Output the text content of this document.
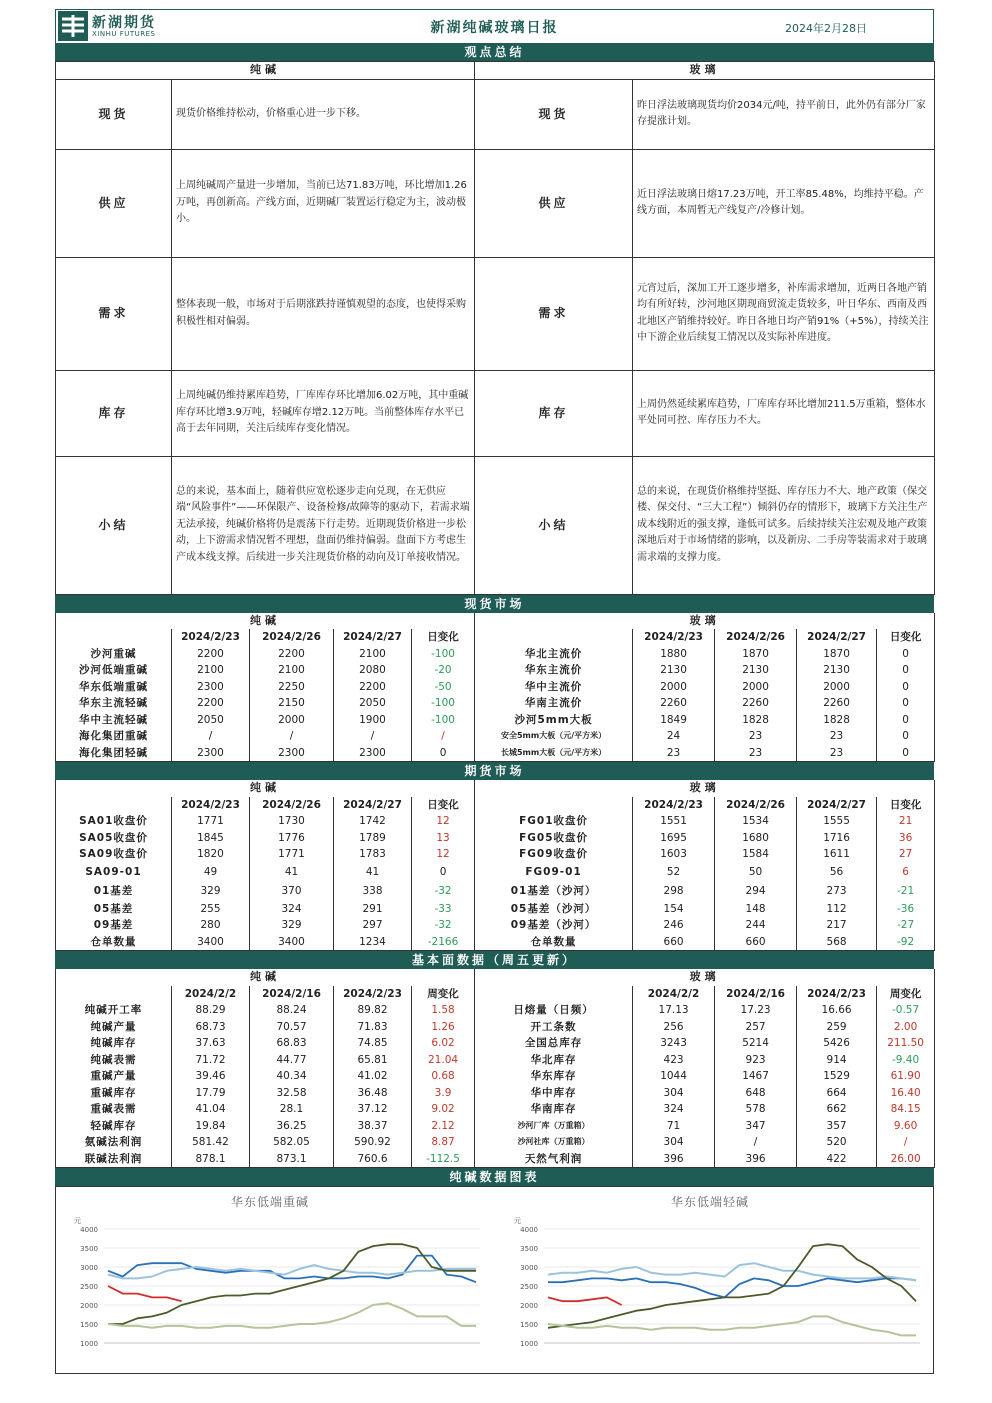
新湖期货
XINHU FUTURES	新湖纯碱玻璃日报	2024年2月28日
观点总结
纯碱		玻璃	
现货	现货价格维持松动，价格重心进一步下移。	现货	昨日浮法玻璃现货均价2034元/吨，持平前日，此外仍有部分厂家存提涨计划。
供应	上周纯碱周产量进一步增加，当前已达71.83万吨，环比增加1.26万吨，再创新高。产线方面，近期碱厂装置运行稳定为主，波动极小。	供应	近日浮法玻璃日熔17.23万吨，开工率85.48%，均维持平稳。产线方面，本周暂无产线复产/冷修计划。
需求	整体表现一般，市场对于后期涨跌持谨慎观望的态度，也使得采购积极性相对偏弱。	需求	元宵过后，深加工开工逐步增多，补库需求增加，近两日各地产销均有所好转，沙河地区期现商贸流走货较多，叶日华东、西南及西北地区产销维持较好。昨日各地日均产销91%（+5%），持续关注中下游企业后续复工情况以及实际补库进度。
库存	上周纯碱仍维持累库趋势，厂库库存环比增加6.02万吨，其中重碱库存环比增3.9万吨，轻碱库存增2.12万吨。当前整体库存水平已高于去年同期，关注后续库存变化情况。	库存	上周仍然延续累库趋势，厂库库存环比增加211.5万重箱，整体水平处同可控、库存压力不大。
小结	总的来说，基本面上，随着供应宽松逐步走向兑现，在无供应端“风险事件”——环保限产、设备检修/故障等的驱动下，若需求端无法承接，纯碱价格将仍是震荡下行走势。近期现货价格进一步松动，上下游需求情况暂不理想，盘面仍维持偏弱。盘面下方考虑生产成本线支撑。后续进一步关注现货价格的动向及订单接收情况。	小结	总的来说，在现货价格维持坚挺、库存压力不大、地产政策（保交楼、保交付、“三大工程”）倾斜仍存的情形下，玻璃下方关注生产成本线附近的强支撑，逢低可试多。后续持续关注宏观及地产政策深地后对于市场情绪的影响，以及新房、二手房等装需求对于玻璃需求端的支撑力度。
现货市场
纯碱					玻璃				
	2024/2/23	2024/2/26	2024/2/27	日变化		2024/2/23	2024/2/26	2024/2/27	日变化
沙河重碱	2200	2200	2100	-100	华北主流价	1880	1870	1870	0
沙河低端重碱	2100	2100	2080	-20	华东主流价	2130	2130	2130	0
华东低端重碱	2300	2250	2200	-50	华中主流价	2000	2000	2000	0
华东主流轻碱	2200	2150	2050	-100	华南主流价	2260	2260	2260	0
华中主流轻碱	2050	2000	1900	-100	沙河5mm大板	1849	1828	1828	0
海化集团重碱	/	/	/	/	安全5mm大板（元/平方米）	24	23	23	0
海化集团轻碱	2300	2300	2300	0	长城5mm大板（元/平方米）	23	23	23	0
期货市场
纯碱					玻璃				
	2024/2/23	2024/2/26	2024/2/27	日变化		2024/2/23	2024/2/26	2024/2/27	日变化
SA01收盘价	1771	1730	1742	12	FG01收盘价	1551	1534	1555	21
SA05收盘价	1845	1776	1789	13	FG05收盘价	1695	1680	1716	36
SA09收盘价	1820	1771	1783	12	FG09收盘价	1603	1584	1611	27
SA09-01	49	41	41	0	FG09-01	52	50	56	6
01基差	329	370	338	-32	01基差（沙河）	298	294	273	-21
05基差	255	324	291	-33	05基差（沙河）	154	148	112	-36
09基差	280	329	297	-32	09基差（沙河）	246	244	217	-27
仓单数量	3400	3400	1234	-2166	仓单数量	660	660	568	-92
基本面数据（周五更新）
纯碱					玻璃				
	2024/2/2	2024/2/16	2024/2/23	周变化		2024/2/2	2024/2/16	2024/2/23	周变化
纯碱开工率	88.29	88.24	89.82	1.58	日熔量（日频）	17.13	17.23	16.66	-0.57
纯碱产量	68.73	70.57	71.83	1.26	开工条数	256	257	259	2.00
纯碱库存	37.63	68.83	74.85	6.02	全国总库存	3243	5214	5426	211.50
纯碱表需	71.72	44.77	65.81	21.04	华北库存	423	923	914	-9.40
重碱产量	39.46	40.34	41.02	0.68	华东库存	1044	1467	1529	61.90
重碱库存	17.79	32.58	36.48	3.9	华中库存	304	648	664	16.40
重碱表需	41.04	28.1	37.12	9.02	华南库存	324	578	662	84.15
轻碱库存	19.84	36.25	38.37	2.12	沙河厂库（万重箱）	71	347	357	9.60
氨碱法利润	581.42	582.05	590.92	8.87	沙河社库（万重箱）	304	/	520	/
联碱法利润	878.1	873.1	760.6	-112.5	天然气利润	396	396	422	26.00
纯碱数据图表
华东低端重碱	华东低端轻碱
元
4000
3500
3000
2500
2000
1500
1000
元
4000
3500
3000
2500
2000
1500
1000
